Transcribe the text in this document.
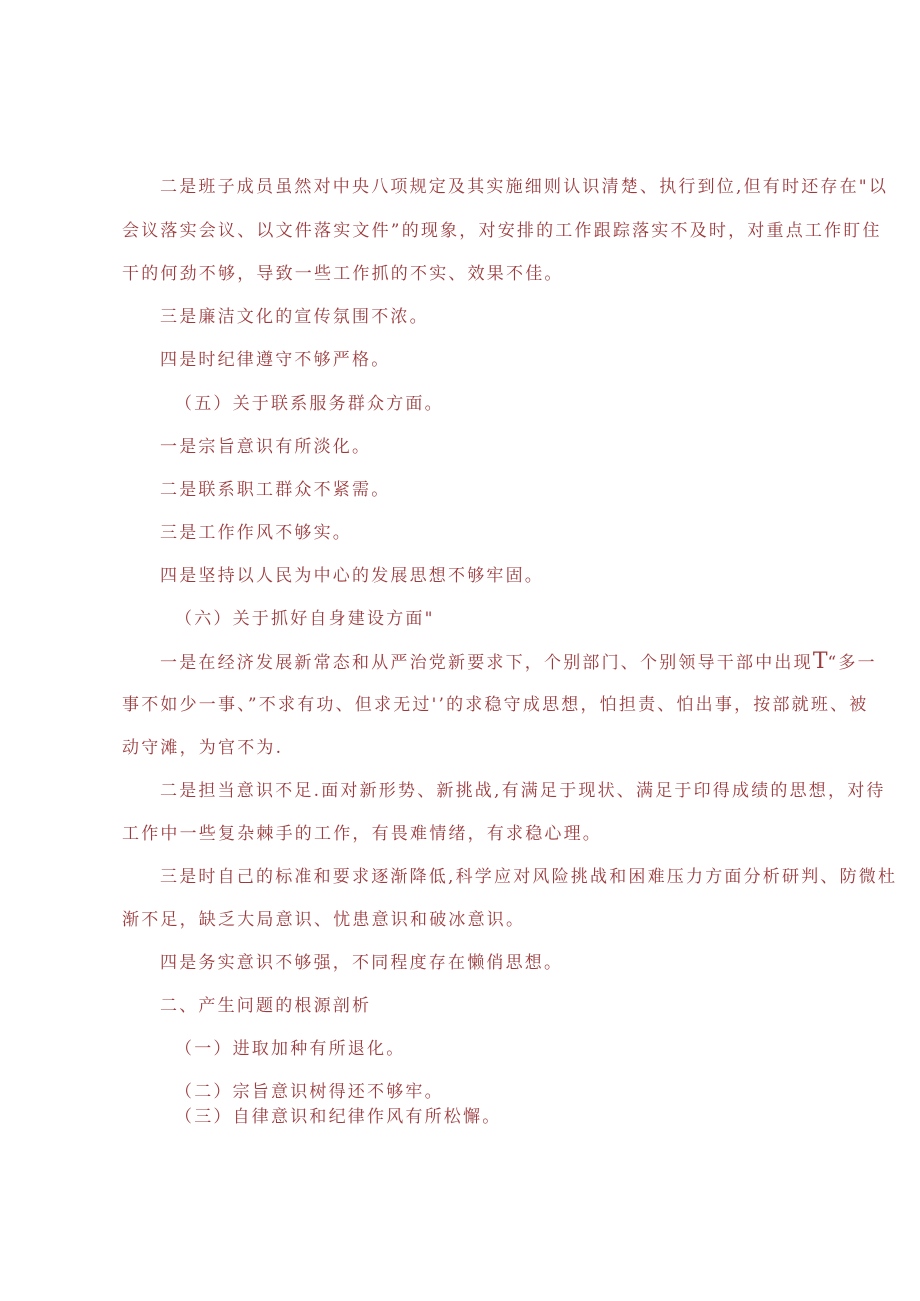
二是班子成员虽然对中央八项规定及其实施细则认识清楚、执行到位,但有时还存在"以
会议落实会议、以文件落实文件”的现象，对安排的工作跟踪落实不及时，对重点工作盯住
干的何劲不够，导致一些工作抓的不实、效果不佳。
三是廉洁文化的宣传氛围不浓。
四是时纪律遵守不够严格。
（五）关于联系服务群众方面。
一是宗旨意识有所淡化。
二是联系职工群众不紧需。
三是工作作风不够实。
四是坚持以人民为中心的发展思想不够牢固。
（六）关于抓好自身建设方面"
一是在经济发展新常态和从严治党新要求下，个别部门、个别领导干部中出现T“多一
事不如少一事、”不求有功、但求无过'’的求稳守成思想，怕担责、怕出事，按部就班、被
动守滩，为官不为.
二是担当意识不足.面对新形势、新挑战,有满足于现状、满足于印得成绩的思想，对待
工作中一些复杂棘手的工作，有畏难情绪，有求稳心理。
三是时自己的标准和要求逐渐降低,科学应对风险挑战和困难压力方面分析研判、防微杜
渐不足，缺乏大局意识、忧患意识和破冰意识。
四是务实意识不够强，不同程度存在懒俏思想。
二、产生问题的根源剖析
（一）进取加种有所退化。
（二）宗旨意识树得还不够牢。
（三）自律意识和纪律作风有所松懈。
